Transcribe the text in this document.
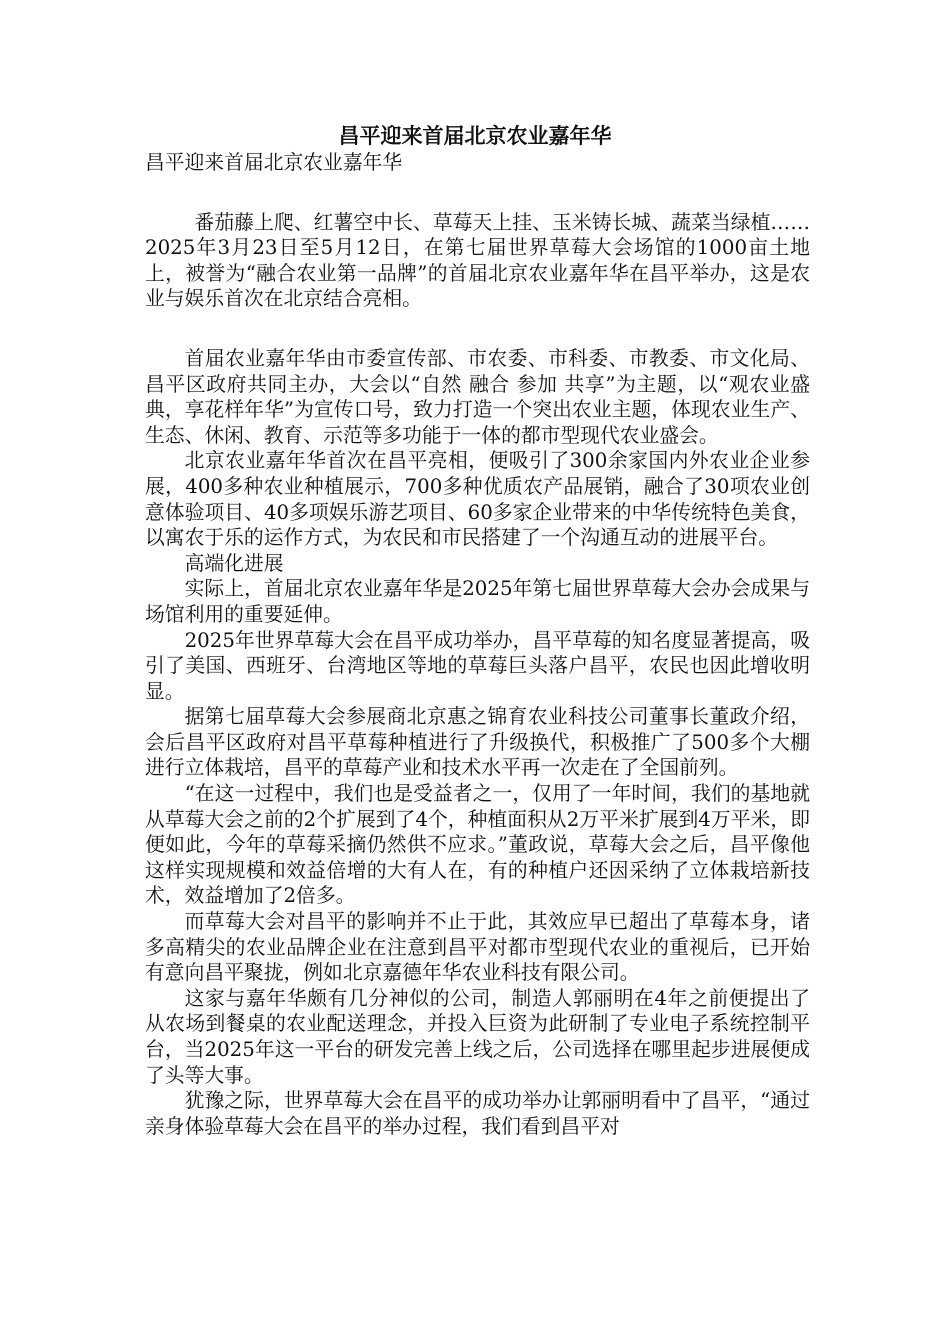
昌平迎来首届北京农业嘉年华

昌平迎来首届北京农业嘉年华

番茄藤上爬、红薯空中长、草莓天上挂、玉米铸长城、蔬菜当绿植……2025年3月23日至5月12日，在第七届世界草莓大会场馆的1000亩土地上，被誉为“融合农业第一品牌”的首届北京农业嘉年华在昌平举办，这是农业与娱乐首次在北京结合亮相。

首届农业嘉年华由市委宣传部、市农委、市科委、市教委、市文化局、昌平区政府共同主办，大会以“自然 融合 参加 共享”为主题，以“观农业盛典，享花样年华”为宣传口号，致力打造一个突出农业主题，体现农业生产、生态、休闲、教育、示范等多功能于一体的都市型现代农业盛会。

北京农业嘉年华首次在昌平亮相，便吸引了300余家国内外农业企业参展，400多种农业种植展示，700多种优质农产品展销，融合了30项农业创意体验项目、40多项娱乐游艺项目、60多家企业带来的中华传统特色美食，以寓农于乐的运作方式，为农民和市民搭建了一个沟通互动的进展平台。

高端化进展

实际上，首届北京农业嘉年华是2025年第七届世界草莓大会办会成果与场馆利用的重要延伸。

2025年世界草莓大会在昌平成功举办，昌平草莓的知名度显著提高，吸引了美国、西班牙、台湾地区等地的草莓巨头落户昌平，农民也因此增收明显。

据第七届草莓大会参展商北京惠之锦育农业科技公司董事长董政介绍，会后昌平区政府对昌平草莓种植进行了升级换代，积极推广了500多个大棚进行立体栽培，昌平的草莓产业和技术水平再一次走在了全国前列。

“在这一过程中，我们也是受益者之一，仅用了一年时间，我们的基地就从草莓大会之前的2个扩展到了4个，种植面积从2万平米扩展到4万平米，即便如此，今年的草莓采摘仍然供不应求。”董政说，草莓大会之后，昌平像他这样实现规模和效益倍增的大有人在，有的种植户还因采纳了立体栽培新技术，效益增加了2倍多。

而草莓大会对昌平的影响并不止于此，其效应早已超出了草莓本身，诸多高精尖的农业品牌企业在注意到昌平对都市型现代农业的重视后，已开始有意向昌平聚拢，例如北京嘉德年华农业科技有限公司。

这家与嘉年华颇有几分神似的公司，制造人郭丽明在4年之前便提出了从农场到餐桌的农业配送理念，并投入巨资为此研制了专业电子系统控制平台，当2025年这一平台的研发完善上线之后，公司选择在哪里起步进展便成了头等大事。

犹豫之际，世界草莓大会在昌平的成功举办让郭丽明看中了昌平，“通过亲身体验草莓大会在昌平的举办过程，我们看到昌平对
